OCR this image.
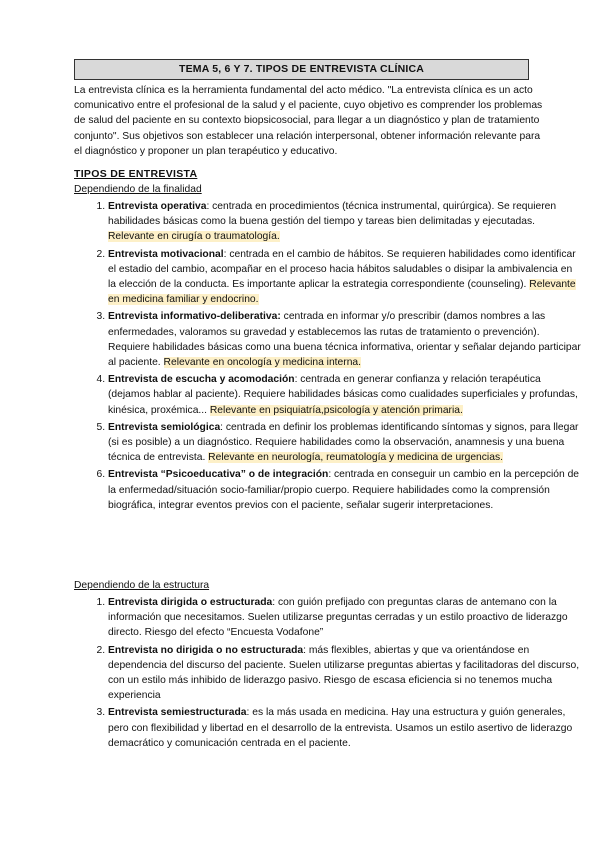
TEMA 5, 6 Y 7. TIPOS DE ENTREVISTA CLÍNICA

La entrevista clínica es la herramienta fundamental del acto médico. "La entrevista clínica es un acto comunicativo entre el profesional de la salud y el paciente, cuyo objetivo es comprender los problemas de salud del paciente en su contexto biopsicosocial, para llegar a un diagnóstico y plan de tratamiento conjunto". Sus objetivos son establecer una relación interpersonal, obtener información relevante para el diagnóstico y proponer un plan terapéutico y educativo.

TIPOS DE ENTREVISTA
Dependiendo de la finalidad
1. Entrevista operativa: centrada en procedimientos (técnica instrumental, quirúrgica). Se requieren habilidades básicas como la buena gestión del tiempo y tareas bien delimitadas y ejecutadas. Relevante en cirugía o traumatología.
2. Entrevista motivacional: centrada en el cambio de hábitos. Se requieren habilidades como identificar el estadio del cambio, acompañar en el proceso hacia hábitos saludables o disipar la ambivalencia en la elección de la conducta. Es importante aplicar la estrategia correspondiente (counseling). Relevante en medicina familiar y endocrino.
3. Entrevista informativo-deliberativa: centrada en informar y/o prescribir (damos nombres a las enfermedades, valoramos su gravedad y establecemos las rutas de tratamiento o prevención). Requiere habilidades básicas como una buena técnica informativa, orientar y señalar dejando participar al paciente. Relevante en oncología y medicina interna.
4. Entrevista de escucha y acomodación: centrada en generar confianza y relación terapéutica (dejamos hablar al paciente). Requiere habilidades básicas como cualidades superficiales y profundas, kinésica, proxémica... Relevante en psiquiatría,psicología y atención primaria.
5. Entrevista semiológica: centrada en definir los problemas identificando síntomas y signos, para llegar (si es posible) a un diagnóstico. Requiere habilidades como la observación, anamnesis y una buena técnica de entrevista. Relevante en neurología, reumatología y medicina de urgencias.
6. Entrevista “Psicoeducativa” o de integración: centrada en conseguir un cambio en la percepción de la enfermedad/situación socio-familiar/propio cuerpo. Requiere habilidades como la comprensión biográfica, integrar eventos previos con el paciente, señalar sugerir interpretaciones.
Dependiendo de la estructura
1. Entrevista dirigida o estructurada: con guión prefijado con preguntas claras de antemano con la información que necesitamos. Suelen utilizarse preguntas cerradas y un estilo proactivo de liderazgo directo. Riesgo del efecto “Encuesta Vodafone”
2. Entrevista no dirigida o no estructurada: más flexibles, abiertas y que va orientándose en dependencia del discurso del paciente. Suelen utilizarse preguntas abiertas y facilitadoras del discurso, con un estilo más inhibido de liderazgo pasivo. Riesgo de escasa eficiencia si no tenemos mucha experiencia
3. Entrevista semiestructurada: es la más usada en medicina. Hay una estructura y guión generales, pero con flexibilidad y libertad en el desarrollo de la entrevista. Usamos un estilo asertivo de liderazgo demacrático y comunicación centrada en el paciente.
